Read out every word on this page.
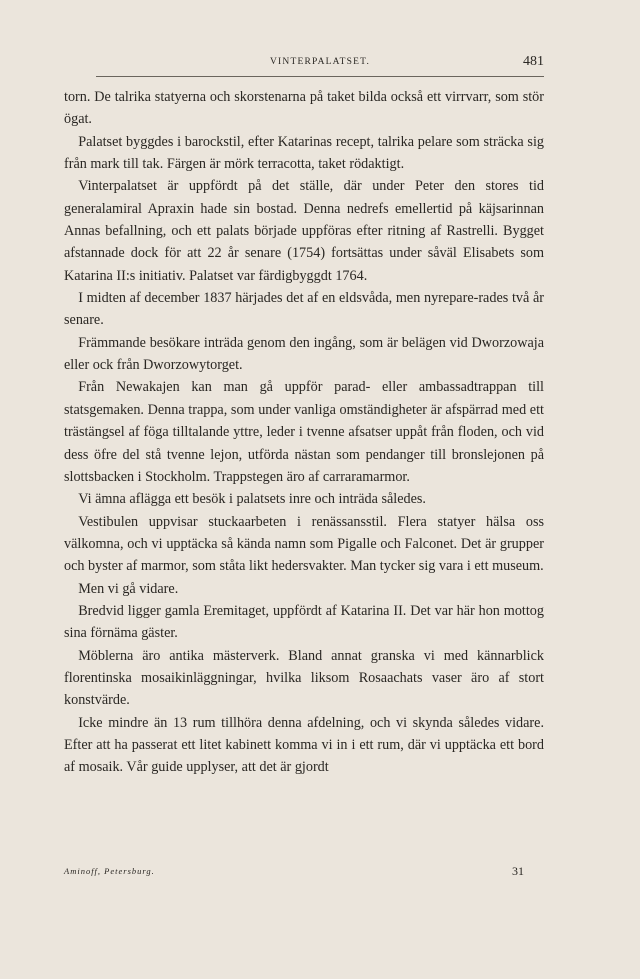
VINTERPALATSET.	481

torn. De talrika statyerna och skorstenarna på taket bilda också ett virrvarr, som stör ögat.

Palatset byggdes i barockstil, efter Katarinas recept, talrika pelare som sträcka sig från mark till tak. Färgen är mörk terracotta, taket rödaktigt.

Vinterpalatset är uppfördt på det ställe, där under Peter den stores tid generalamiral Apraxin hade sin bostad. Denna nedrefs emellertid på käjsarinnan Annas befallning, och ett palats började uppföras efter ritning af Rastrelli. Bygget afstannade dock för att 22 år senare (1754) fortsättas under såväl Elisabets som Katarina II:s initiativ. Palatset var färdigbyggdt 1764.

I midten af december 1837 härjades det af en eldsvåda, men nyrepare-rades två år senare.

Främmande besökare inträda genom den ingång, som är belägen vid Dworzowaja eller ock från Dworzowytorget.

Från Newakajen kan man gå uppför parad- eller ambassadtrappan till statsgemaken. Denna trappa, som under vanliga omständigheter är afspärrad med ett trästängsel af föga tilltalande yttre, leder i tvenne afsatser uppåt från floden, och vid dess öfre del stå tvenne lejon, utförda nästan som pendanger till bronslejonen på slottsbacken i Stockholm. Trappstegen äro af carraramarmor.

Vi ämna aflägga ett besök i palatsets inre och inträda således.

Vestibulen uppvisar stuckaarbeten i renässansstil. Flera statyer hälsa oss välkomna, och vi upptäcka så kända namn som Pigalle och Falconet. Det är grupper och byster af marmor, som ståta likt hedersvakter. Man tycker sig vara i ett museum.

Men vi gå vidare.

Bredvid ligger gamla Eremitaget, uppfördt af Katarina II. Det var här hon mottog sina förnäma gäster.

Möblerna äro antika mästerverk. Bland annat granska vi med kännarblick florentinska mosaikinläggningar, hvilka liksom Rosaachats vaser äro af stort konstvärde.

Icke mindre än 13 rum tillhöra denna afdelning, och vi skynda således vidare. Efter att ha passerat ett litet kabinett komma vi in i ett rum, där vi upptäcka ett bord af mosaik. Vår guide upplyser, att det är gjordt

Aminoff, Petersburg.	31
